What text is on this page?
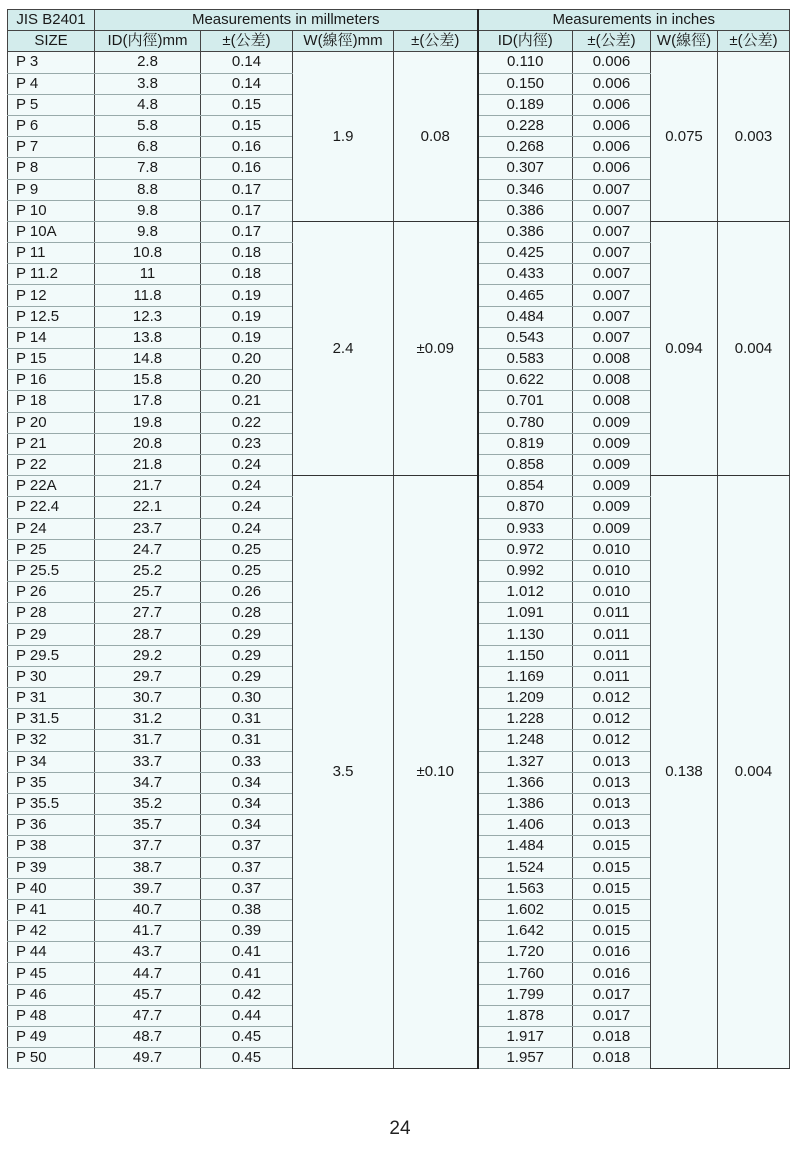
JIS B2401	Measurements in millmeters				Measurements in inches			
SIZE	ID(内徑)mm	±(公差)	W(線徑)mm	±(公差)	ID(内徑)	±(公差)	W(線徑)	±(公差)
P 3	2.8	0.14	1.9	0.08	0.110	0.006	0.075	0.003
P 4	3.8	0.14			0.150	0.006		
P 5	4.8	0.15			0.189	0.006		
P 6	5.8	0.15			0.228	0.006		
P 7	6.8	0.16			0.268	0.006		
P 8	7.8	0.16			0.307	0.006		
P 9	8.8	0.17			0.346	0.007		
P 10	9.8	0.17			0.386	0.007		
P 10A	9.8	0.17	2.4	±0.09	0.386	0.007	0.094	0.004
P 11	10.8	0.18			0.425	0.007		
P 11.2	11	0.18			0.433	0.007		
P 12	11.8	0.19			0.465	0.007		
P 12.5	12.3	0.19			0.484	0.007		
P 14	13.8	0.19			0.543	0.007		
P 15	14.8	0.20			0.583	0.008		
P 16	15.8	0.20			0.622	0.008		
P 18	17.8	0.21			0.701	0.008		
P 20	19.8	0.22			0.780	0.009		
P 21	20.8	0.23			0.819	0.009		
P 22	21.8	0.24			0.858	0.009		
P 22A	21.7	0.24	3.5	±0.10	0.854	0.009	0.138	0.004
P 22.4	22.1	0.24			0.870	0.009		
P 24	23.7	0.24			0.933	0.009		
P 25	24.7	0.25			0.972	0.010		
P 25.5	25.2	0.25			0.992	0.010		
P 26	25.7	0.26			1.012	0.010		
P 28	27.7	0.28			1.091	0.011		
P 29	28.7	0.29			1.130	0.011		
P 29.5	29.2	0.29			1.150	0.011		
P 30	29.7	0.29			1.169	0.011		
P 31	30.7	0.30			1.209	0.012		
P 31.5	31.2	0.31			1.228	0.012		
P 32	31.7	0.31			1.248	0.012		
P 34	33.7	0.33			1.327	0.013		
P 35	34.7	0.34			1.366	0.013		
P 35.5	35.2	0.34			1.386	0.013		
P 36	35.7	0.34			1.406	0.013		
P 38	37.7	0.37			1.484	0.015		
P 39	38.7	0.37			1.524	0.015		
P 40	39.7	0.37			1.563	0.015		
P 41	40.7	0.38			1.602	0.015		
P 42	41.7	0.39			1.642	0.015		
P 44	43.7	0.41			1.720	0.016		
P 45	44.7	0.41			1.760	0.016		
P 46	45.7	0.42			1.799	0.017		
P 48	47.7	0.44			1.878	0.017		
P 49	48.7	0.45			1.917	0.018		
P 50	49.7	0.45			1.957	0.018		
24
